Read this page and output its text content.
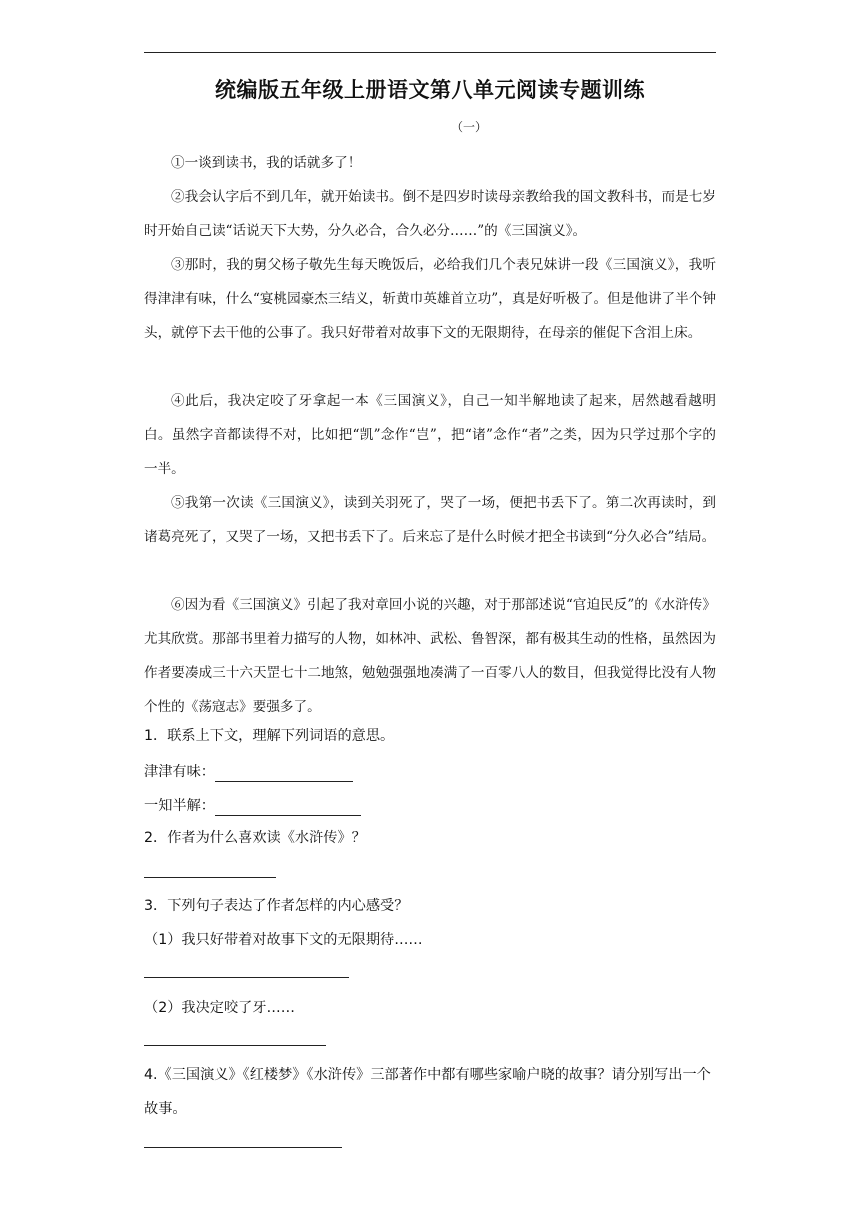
统编版五年级上册语文第八单元阅读专题训练
（一）

①一谈到读书，我的话就多了！

②我会认字后不到几年，就开始读书。倒不是四岁时读母亲教给我的国文教科书，而是七岁时开始自己读“话说天下大势，分久必合，合久必分……”的《三国演义》。

③那时，我的舅父杨子敬先生每天晚饭后，必给我们几个表兄妹讲一段《三国演义》，我听得津津有味，什么“宴桃园豪杰三结义，斩黄巾英雄首立功”，真是好听极了。但是他讲了半个钟头，就停下去干他的公事了。我只好带着对故事下文的无限期待，在母亲的催促下含泪上床。

④此后，我决定咬了牙拿起一本《三国演义》，自己一知半解地读了起来，居然越看越明白。虽然字音都读得不对，比如把“凯”念作“岂”，把“诸”念作“者”之类，因为只学过那个字的一半。

⑤我第一次读《三国演义》，读到关羽死了，哭了一场，便把书丢下了。第二次再读时，到诸葛亮死了，又哭了一场，又把书丢下了。后来忘了是什么时候才把全书读到“分久必合”结局。

⑥因为看《三国演义》引起了我对章回小说的兴趣，对于那部述说“官迫民反”的《水浒传》尤其欣赏。那部书里着力描写的人物，如林冲、武松、鲁智深，都有极其生动的性格，虽然因为作者要凑成三十六天罡七十二地煞，勉勉强强地凑满了一百零八人的数目，但我觉得比没有人物个性的《荡寇志》要强多了。

1．联系上下文，理解下列词语的意思。
津津有味：
一知半解：
2．作者为什么喜欢读《水浒传》？
3．下列句子表达了作者怎样的内心感受？
（1）我只好带着对故事下文的无限期待……
（2）我决定咬了牙……

4.《三国演义》《红楼梦》《水浒传》三部著作中都有哪些家喻户晓的故事？请分别写出一个故事。
